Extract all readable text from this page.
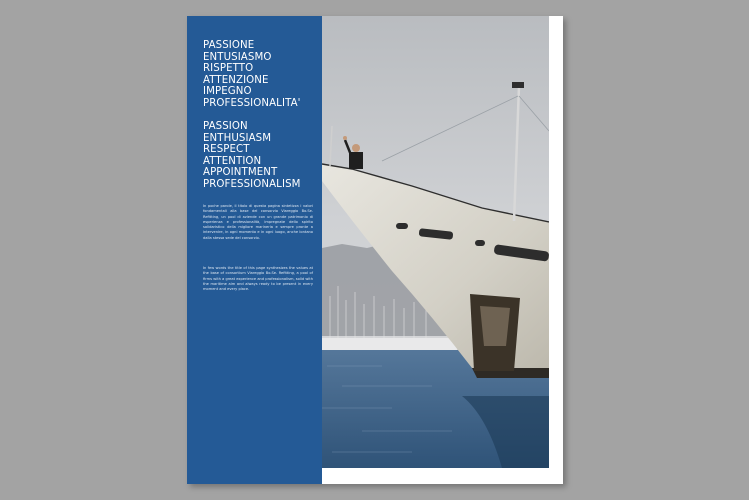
PASSIONE
ENTUSIASMO
RISPETTO
ATTENZIONE
IMPEGNO
PROFESSIONALITA'
PASSION
ENTHUSIASM
RESPECT
ATTENTION
APPOINTMENT
PROFESSIONALISM

In poche parole, il titolo di questa pagina sintetizza i valori fondamentali alla base del consorzio Viareggio Bo.Se. Refitting, un pool di aziende con un grande patrimonio di esperienza e professionalità, impregnate dello spirito solidaristico della migliore marineria e sempre pronte a intervenire, in ogni momento e in ogni luogo, anche lontano dalla stessa sede del consorzio.

In few words the title of this page synthesizes the values at the base of consortium Viareggio Bo.Se. Refitting, a pool of firms with a great experience and professionalism, solid with the maritime aim and always ready to be present in every moment and every place.
